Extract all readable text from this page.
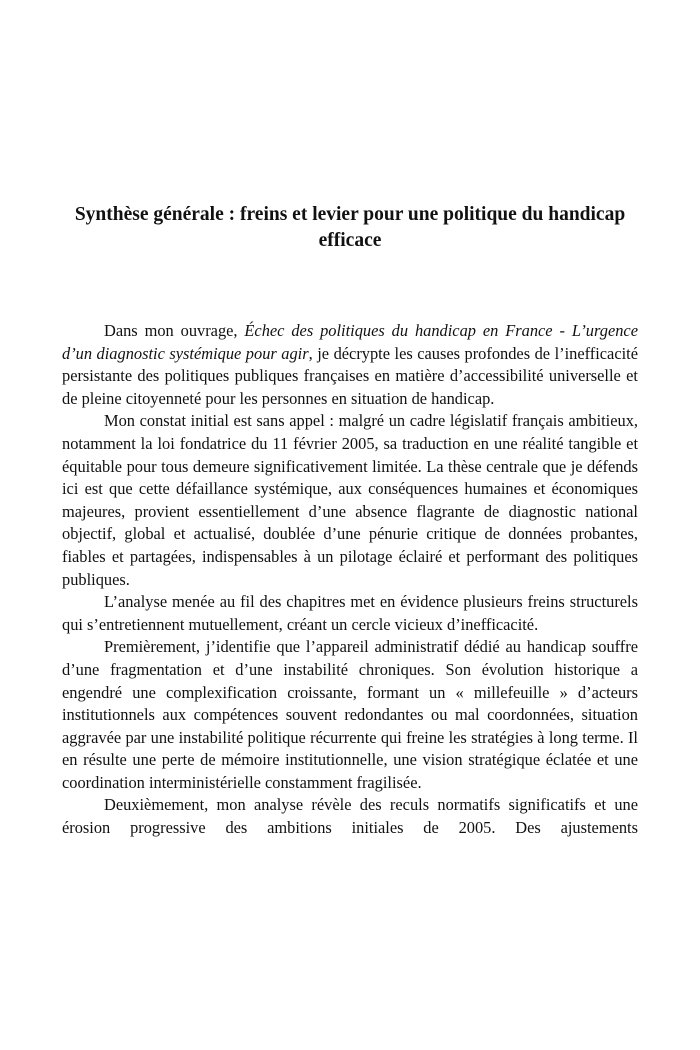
Synthèse générale : freins et levier pour une politique du handicap efficace

Dans mon ouvrage, Échec des politiques du handicap en France - L’urgence d’un diagnostic systémique pour agir, je décrypte les causes profondes de l’inefficacité persistante des politiques publiques françaises en matière d’accessibilité universelle et de pleine citoyenneté pour les personnes en situation de handicap.

Mon constat initial est sans appel : malgré un cadre législatif français ambitieux, notamment la loi fondatrice du 11 février 2005, sa traduction en une réalité tangible et équitable pour tous demeure significativement limitée. La thèse centrale que je défends ici est que cette défaillance systémique, aux conséquences humaines et économiques majeures, provient essentiellement d’une absence flagrante de diagnostic national objectif, global et actualisé, doublée d’une pénurie critique de données probantes, fiables et partagées, indispensables à un pilotage éclairé et performant des politiques publiques.

L’analyse menée au fil des chapitres met en évidence plusieurs freins structurels qui s’entretiennent mutuellement, créant un cercle vicieux d’inefficacité.

Premièrement, j’identifie que l’appareil administratif dédié au handicap souffre d’une fragmentation et d’une instabilité chroniques. Son évolution historique a engendré une complexification croissante, formant un « millefeuille » d’acteurs institutionnels aux compétences souvent redondantes ou mal coordonnées, situation aggravée par une instabilité politique récurrente qui freine les stratégies à long terme. Il en résulte une perte de mémoire institutionnelle, une vision stratégique éclatée et une coordination interministérielle constamment fragilisée.

Deuxièmement, mon analyse révèle des reculs normatifs significatifs et une érosion progressive des ambitions initiales de 2005. Des ajustements
